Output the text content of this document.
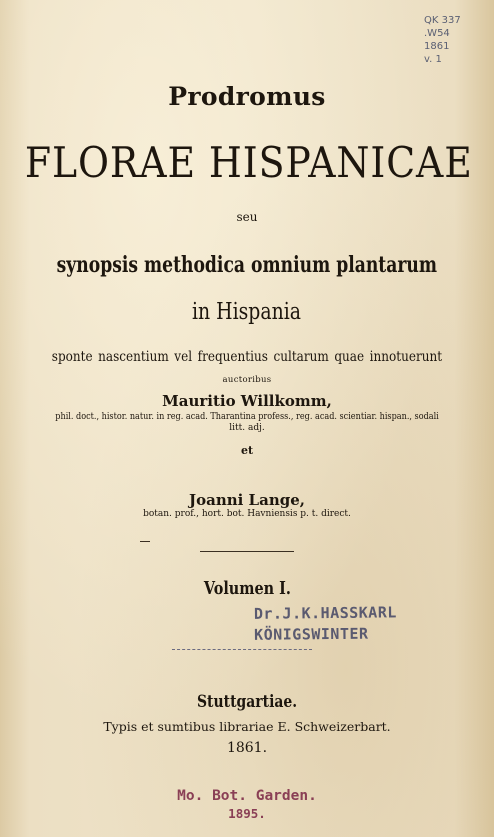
QK 337
.W54
1861
v. 1
Prodromus
FLORAE HISPANICAE
seu
synopsis methodica omnium plantarum
in Hispania
sponte nascentium vel frequentius cultarum quae innotuerunt
auctoribus
Mauritio Willkomm,
phil. doct., histor. natur. in reg. acad. Tharantina profess., reg. acad. scientiar. hispan., sodali
litt. adj.
et
Joanni Lange,
botan. prof., hort. bot. Havniensis p. t. direct.
Volumen I.
Dr.J.K.HASSKARL
KÖNIGSWINTER
Stuttgartiae.
Typis et sumtibus librariae E. Schweizerbart.
1861.
Mo. Bot. Garden.
1895.
